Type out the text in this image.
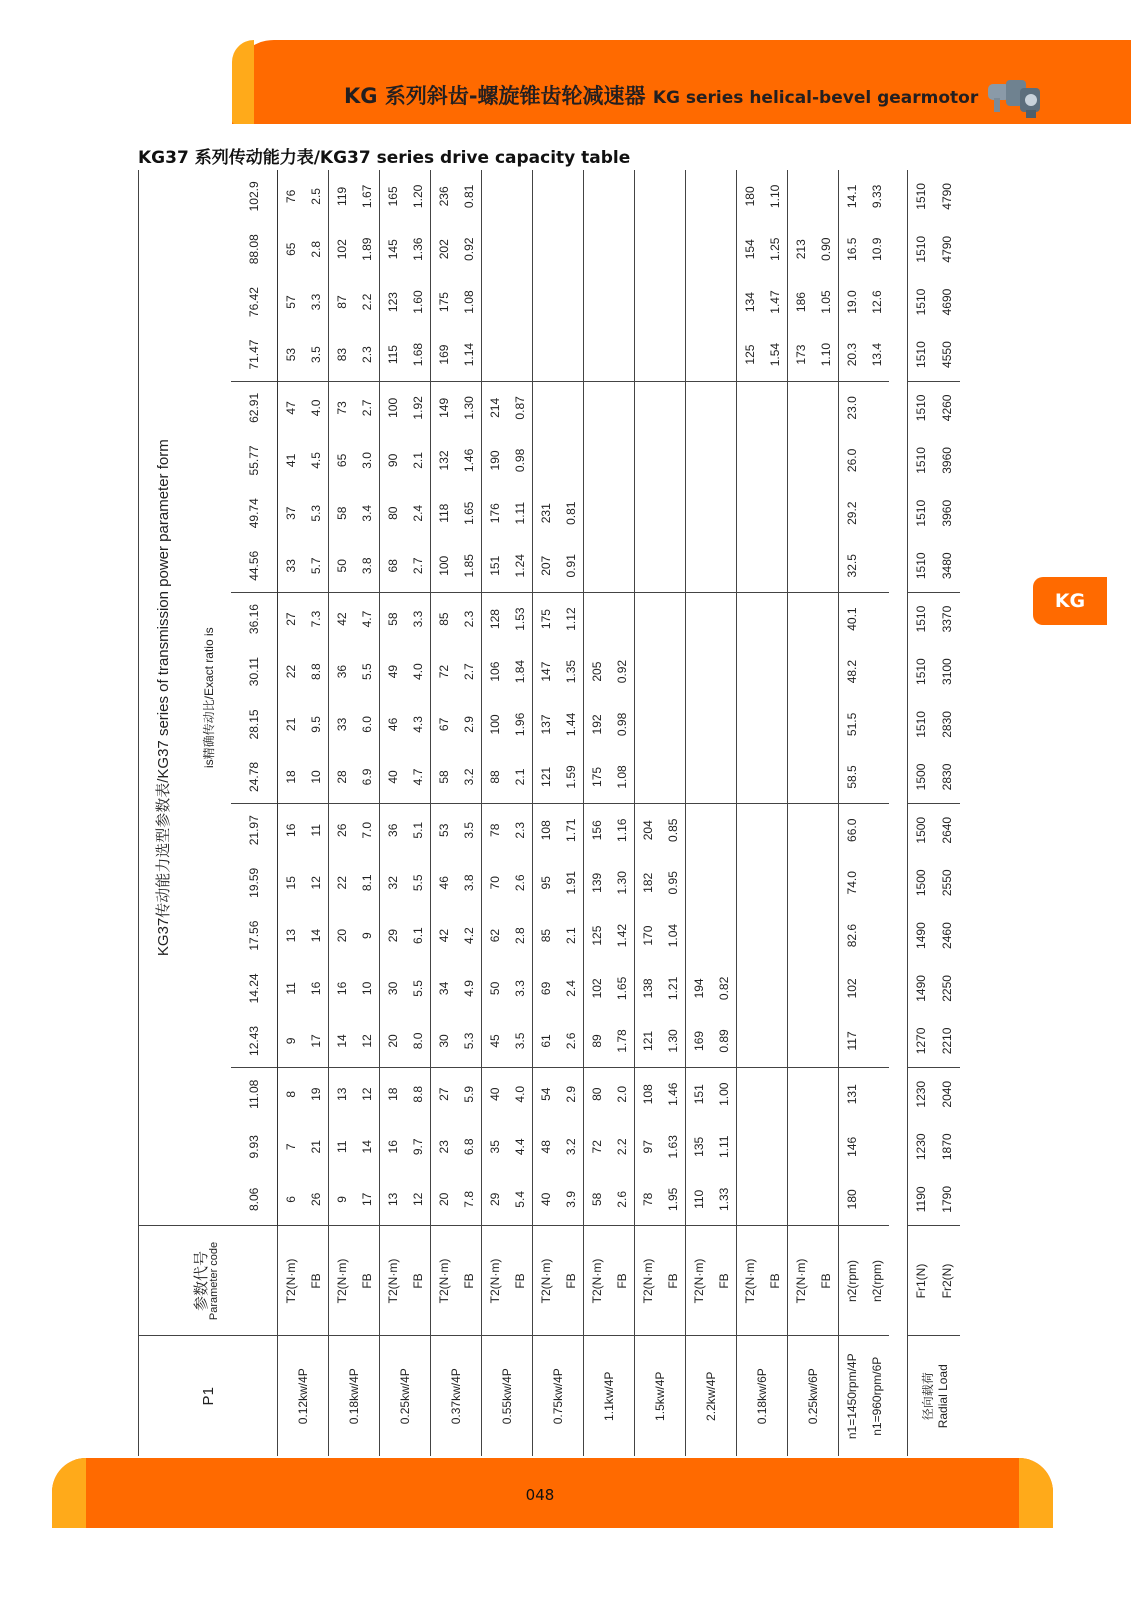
KG 系列斜齿-螺旋锥齿轮减速器 KG series helical-bevel gearmotor
KG37 系列传动能力表/KG37 series drive capacity table
P1	参数代号
Parameter code	KG37传动能力选型参数表/KG37 series of transmission power parameter form																			
		is精确传动比/Exact ratio is																			
		8.06	9.93	11.08	12.43	14.24	17.56	19.59	21.97	24.78	28.15	30.11	36.16	44.56	49.74	55.77	62.91	71.47	76.42	88.08	102.9
0.12kw/4P	T2(N·m)	6	7	8	9	11	13	15	16	18	21	22	27	33	37	41	47	53	57	65	76
	FB	26	21	19	17	16	14	12	11	10	9.5	8.8	7.3	5.7	5.3	4.5	4.0	3.5	3.3	2.8	2.5
0.18kw/4P	T2(N·m)	9	11	13	14	16	20	22	26	28	33	36	42	50	58	65	73	83	87	102	119
	FB	17	14	12	12	10	9	8.1	7.0	6.9	6.0	5.5	4.7	3.8	3.4	3.0	2.7	2.3	2.2	1.89	1.67
0.25kw/4P	T2(N·m)	13	16	18	20	30	29	32	36	40	46	49	58	68	80	90	100	115	123	145	165
	FB	12	9.7	8.8	8.0	5.5	6.1	5.5	5.1	4.7	4.3	4.0	3.3	2.7	2.4	2.1	1.92	1.68	1.60	1.36	1.20
0.37kw/4P	T2(N·m)	20	23	27	30	34	42	46	53	58	67	72	85	100	118	132	149	169	175	202	236
	FB	7.8	6.8	5.9	5.3	4.9	4.2	3.8	3.5	3.2	2.9	2.7	2.3	1.85	1.65	1.46	1.30	1.14	1.08	0.92	0.81
0.55kw/4P	T2(N·m)	29	35	40	45	50	62	70	78	88	100	106	128	151	176	190	214				
	FB	5.4	4.4	4.0	3.5	3.3	2.8	2.6	2.3	2.1	1.96	1.84	1.53	1.24	1.11	0.98	0.87				
0.75kw/4P	T2(N·m)	40	48	54	61	69	85	95	108	121	137	147	175	207	231						
	FB	3.9	3.2	2.9	2.6	2.4	2.1	1.91	1.71	1.59	1.44	1.35	1.12	0.91	0.81						
1.1kw/4P	T2(N·m)	58	72	80	89	102	125	139	156	175	192	205									
	FB	2.6	2.2	2.0	1.78	1.65	1.42	1.30	1.16	1.08	0.98	0.92									
1.5kw/4P	T2(N·m)	78	97	108	121	138	170	182	204												
	FB	1.95	1.63	1.46	1.30	1.21	1.04	0.95	0.85												
2.2kw/4P	T2(N·m)	110	135	151	169	194															
	FB	1.33	1.11	1.00	0.89	0.82															
0.18kw/6P	T2(N·m)																	125	134	154	180
	FB																	1.54	1.47	1.25	1.10
0.25kw/6P	T2(N·m)																	173	186	213	
	FB																	1.10	1.05	0.90	
n1=1450rpm/4P	n2(rpm)	180	146	131	117	102	82.6	74.0	66.0	58.5	51.5	48.2	40.1	32.5	29.2	26.0	23.0	20.3	19.0	16.5	14.1
n1=960rpm/6P	n2(rpm)																	13.4	12.6	10.9	9.33

径向载荷 Radial Load	Fr1(N)	1190	1230	1230	1270	1490	1490	1500	1500	1500	1510	1510	1510	1510	1510	1510	1510	1510	1510	1510	1510
	Fr2(N)	1790	1870	2040	2210	2250	2460	2550	2640	2830	2830	3100	3370	3480	3960	3960	4260	4550	4690	4790	4790
KG
048
